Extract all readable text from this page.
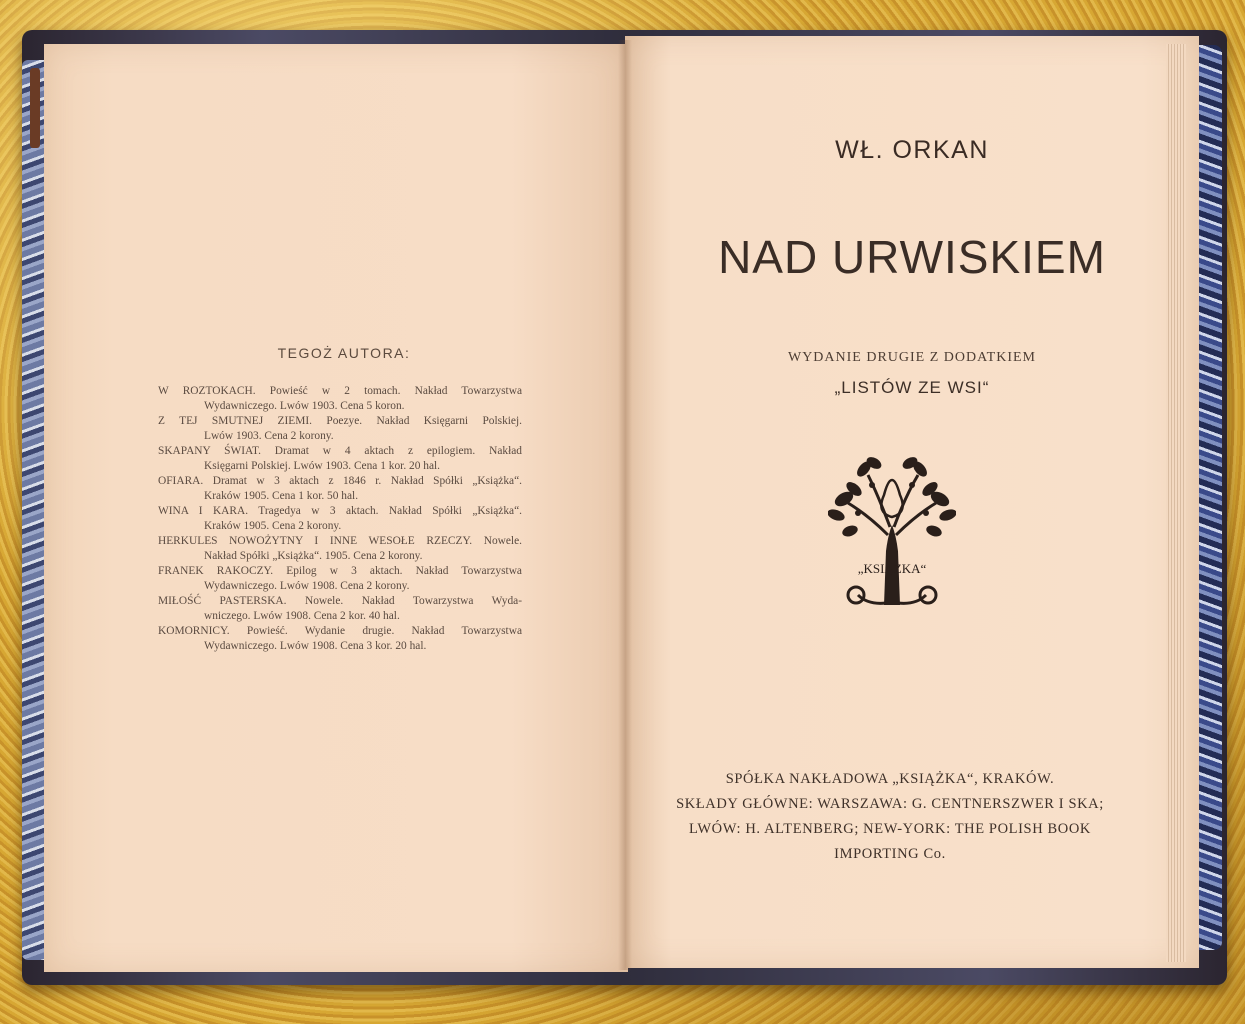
TEGOŻ AUTORA:
W ROZTOKACH. Powieść w 2 tomach. Nakład Towarzystwa
Wydawniczego. Lwów 1903. Cena 5 koron.
Z TEJ SMUTNEJ ZIEMI. Poezye. Nakład Księgarni Polskiej.
Lwów 1903. Cena 2 korony.
SKAPANY ŚWIAT. Dramat w 4 aktach z epilogiem. Nakład
Księgarni Polskiej. Lwów 1903. Cena 1 kor. 20 hal.
OFIARA. Dramat w 3 aktach z 1846 r. Nakład Spółki „Książka“.
Kraków 1905. Cena 1 kor. 50 hal.
WINA I KARA. Tragedya w 3 aktach. Nakład Spółki „Książka“.
Kraków 1905. Cena 2 korony.
HERKULES NOWOŻYTNY I INNE WESOŁE RZECZY. Nowele.
Nakład Spółki „Książka“. 1905. Cena 2 korony.
FRANEK RAKOCZY. Epilog w 3 aktach. Nakład Towarzystwa
Wydawniczego. Lwów 1908. Cena 2 korony.
MIŁOŚĆ PASTERSKA. Nowele. Nakład Towarzystwa Wyda-
wniczego. Lwów 1908. Cena 2 kor. 40 hal.
KOMORNICY. Powieść. Wydanie drugie. Nakład Towarzystwa
Wydawniczego. Lwów 1908. Cena 3 kor. 20 hal.
WŁ. ORKAN
NAD URWISKIEM
WYDANIE DRUGIE Z DODATKIEM
„LISTÓW ZE WSI“
„KSIĄŻKA“
SPÓŁKA NAKŁADOWA „KSIĄŻKA“, KRAKÓW.
SKŁADY GŁÓWNE: WARSZAWA: G. CENTNERSZWER I SKA;
LWÓW: H. ALTENBERG; NEW-YORK: THE POLISH BOOK
IMPORTING Co.
